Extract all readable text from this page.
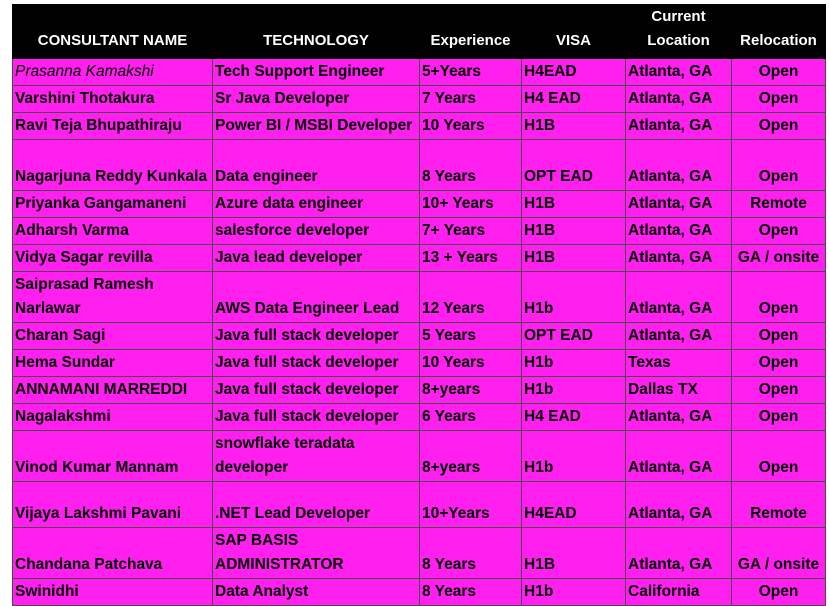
CONSULTANT NAME	TECHNOLOGY	Experience	VISA	Current Location	Relocation
Prasanna Kamakshi	Tech Support Engineer	5+Years	H4EAD	Atlanta, GA	Open
Varshini Thotakura	Sr Java Developer	7 Years	H4 EAD	Atlanta, GA	Open
Ravi Teja Bhupathiraju	Power BI / MSBI Developer	10 Years	H1B	Atlanta, GA	Open
Nagarjuna Reddy Kunkala	Data engineer	8 Years	OPT EAD	Atlanta, GA	Open
Priyanka Gangamaneni	Azure data engineer	10+ Years	H1B	Atlanta, GA	Remote
Adharsh Varma	salesforce developer	7+ Years	H1B	Atlanta, GA	Open
Vidya Sagar revilla	Java lead developer	13 + Years	H1B	Atlanta, GA	GA / onsite
Saiprasad Ramesh Narlawar	AWS Data Engineer Lead	12 Years	H1b	Atlanta, GA	Open
Charan Sagi	Java full stack developer	5 Years	OPT EAD	Atlanta, GA	Open
Hema Sundar	Java full stack developer	10 Years	H1b	Texas	Open
ANNAMANI MARREDDI	Java full stack developer	8+years	H1b	Dallas TX	Open
Nagalakshmi	Java full stack developer	6 Years	H4 EAD	Atlanta, GA	Open
Vinod Kumar Mannam	snowflake teradata developer	8+years	H1b	Atlanta, GA	Open
Vijaya Lakshmi Pavani	.NET Lead Developer	10+Years	H4EAD	Atlanta, GA	Remote
Chandana Patchava	SAP BASIS ADMINISTRATOR	8 Years	H1B	Atlanta, GA	GA / onsite
Swinidhi	Data Analyst	8 Years	H1b	California	Open
